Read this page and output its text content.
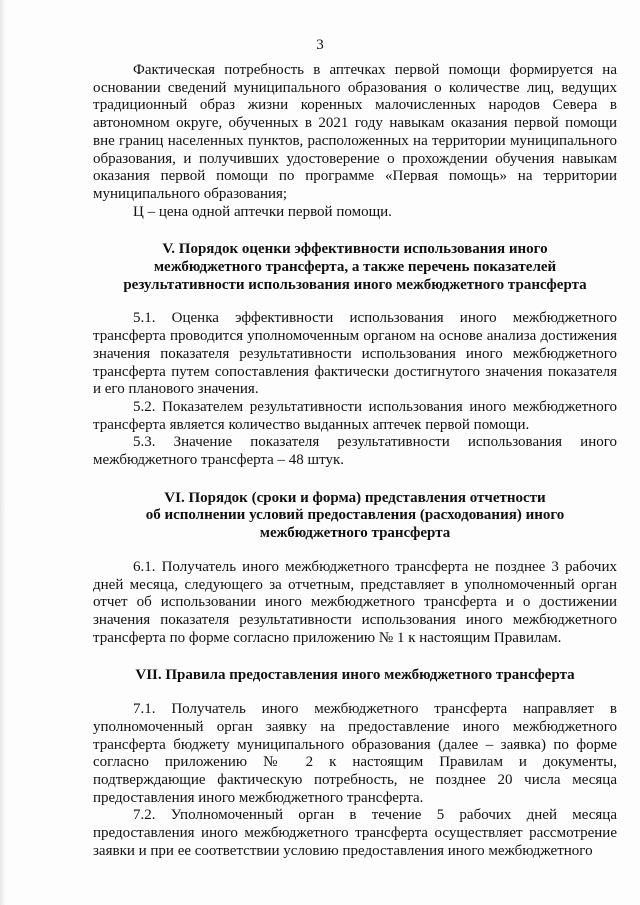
3

Фактическая потребность в аптечках первой помощи формируется на основании сведений муниципального образования о количестве лиц, ведущих традиционный образ жизни коренных малочисленных народов Севера в автономном округе, обученных в 2021 году навыкам оказания первой помощи вне границ населенных пунктов, расположенных на территории муниципального образования, и получивших удостоверение о прохождении обучения навыкам оказания первой помощи по программе «Первая помощь» на территории муниципального образования;

Ц – цена одной аптечки первой помощи.

V. Порядок оценки эффективности использования иного
межбюджетного трансферта, а также перечень показателей
результативности использования иного межбюджетного трансферта

5.1. Оценка эффективности использования иного межбюджетного трансферта проводится уполномоченным органом на основе анализа достижения значения показателя результативности использования иного межбюджетного трансферта путем сопоставления фактически достигнутого значения показателя и его планового значения.

5.2. Показателем результативности использования иного межбюджетного трансферта является количество выданных аптечек первой помощи.

5.3. Значение показателя результативности использования иного межбюджетного трансферта – 48 штук.

VI. Порядок (сроки и форма) представления отчетности
об исполнении условий предоставления (расходования) иного
межбюджетного трансферта

6.1. Получатель иного межбюджетного трансферта не позднее 3 рабочих дней месяца, следующего за отчетным, представляет в уполномоченный орган отчет об использовании иного межбюджетного трансферта и о достижении значения показателя результативности использования иного межбюджетного трансферта по форме согласно приложению № 1 к настоящим Правилам.

VII. Правила предоставления иного межбюджетного трансферта

7.1. Получатель иного межбюджетного трансферта направляет в уполномоченный орган заявку на предоставление иного межбюджетного трансферта бюджету муниципального образования (далее – заявка) по форме согласно приложению № 2 к настоящим Правилам и документы, подтверждающие фактическую потребность, не позднее 20 числа месяца предоставления иного межбюджетного трансферта.

7.2. Уполномоченный орган в течение 5 рабочих дней месяца предоставления иного межбюджетного трансферта осуществляет рассмотрение заявки и при ее соответствии условию предоставления иного межбюджетного
